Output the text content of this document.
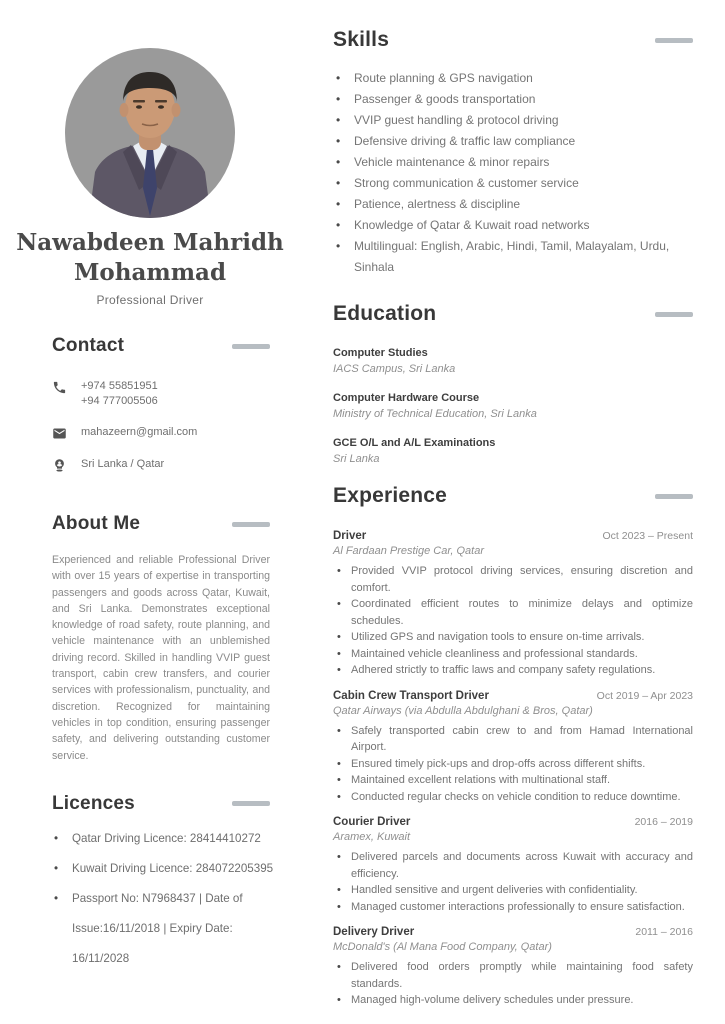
Nawabdeen Mahridh
Mohammad
Professional Driver
Contact
+974 55851951
+94 777005506
mahazeern@gmail.com
Sri Lanka / Qatar
About Me

Experienced and reliable Professional Driver with over 15 years of expertise in transporting passengers and goods across Qatar, Kuwait, and Sri Lanka. Demonstrates exceptional knowledge of road safety, route planning, and vehicle maintenance with an unblemished driving record. Skilled in handling VVIP guest transport, cabin crew transfers, and courier services with professionalism, punctuality, and discretion. Recognized for maintaining vehicles in top condition, ensuring passenger safety, and delivering outstanding customer service.

Licences
• Qatar Driving Licence: 28414410272
• Kuwait Driving Licence: 284072205395
• Passport No: N7968437 | Date of Issue:16/11/2018 | Expiry Date: 16/11/2028
Skills
• Route planning & GPS navigation
• Passenger & goods transportation
• VVIP guest handling & protocol driving
• Defensive driving & traffic law compliance
• Vehicle maintenance & minor repairs
• Strong communication & customer service
• Patience, alertness & discipline
• Knowledge of Qatar & Kuwait road networks
• Multilingual: English, Arabic, Hindi, Tamil, Malayalam, Urdu, Sinhala
Education
Computer Studies
IACS Campus, Sri Lanka
Computer Hardware Course
Ministry of Technical Education, Sri Lanka
GCE O/L and A/L Examinations
Sri Lanka
Experience
Driver	Oct 2023 – Present
Al Fardaan Prestige Car, Qatar
• Provided VVIP protocol driving services, ensuring discretion and comfort.
• Coordinated efficient routes to minimize delays and optimize schedules.
• Utilized GPS and navigation tools to ensure on-time arrivals.
• Maintained vehicle cleanliness and professional standards.
• Adhered strictly to traffic laws and company safety regulations.
Cabin Crew Transport Driver	Oct 2019 – Apr 2023
Qatar Airways (via Abdulla Abdulghani & Bros, Qatar)
• Safely transported cabin crew to and from Hamad International Airport.
• Ensured timely pick-ups and drop-offs across different shifts.
• Maintained excellent relations with multinational staff.
• Conducted regular checks on vehicle condition to reduce downtime.
Courier Driver	2016 – 2019
Aramex, Kuwait
• Delivered parcels and documents across Kuwait with accuracy and efficiency.
• Handled sensitive and urgent deliveries with confidentiality.
• Managed customer interactions professionally to ensure satisfaction.
Delivery Driver	2011 – 2016
McDonald's (Al Mana Food Company, Qatar)
• Delivered food orders promptly while maintaining food safety standards.
• Managed high-volume delivery schedules under pressure.
